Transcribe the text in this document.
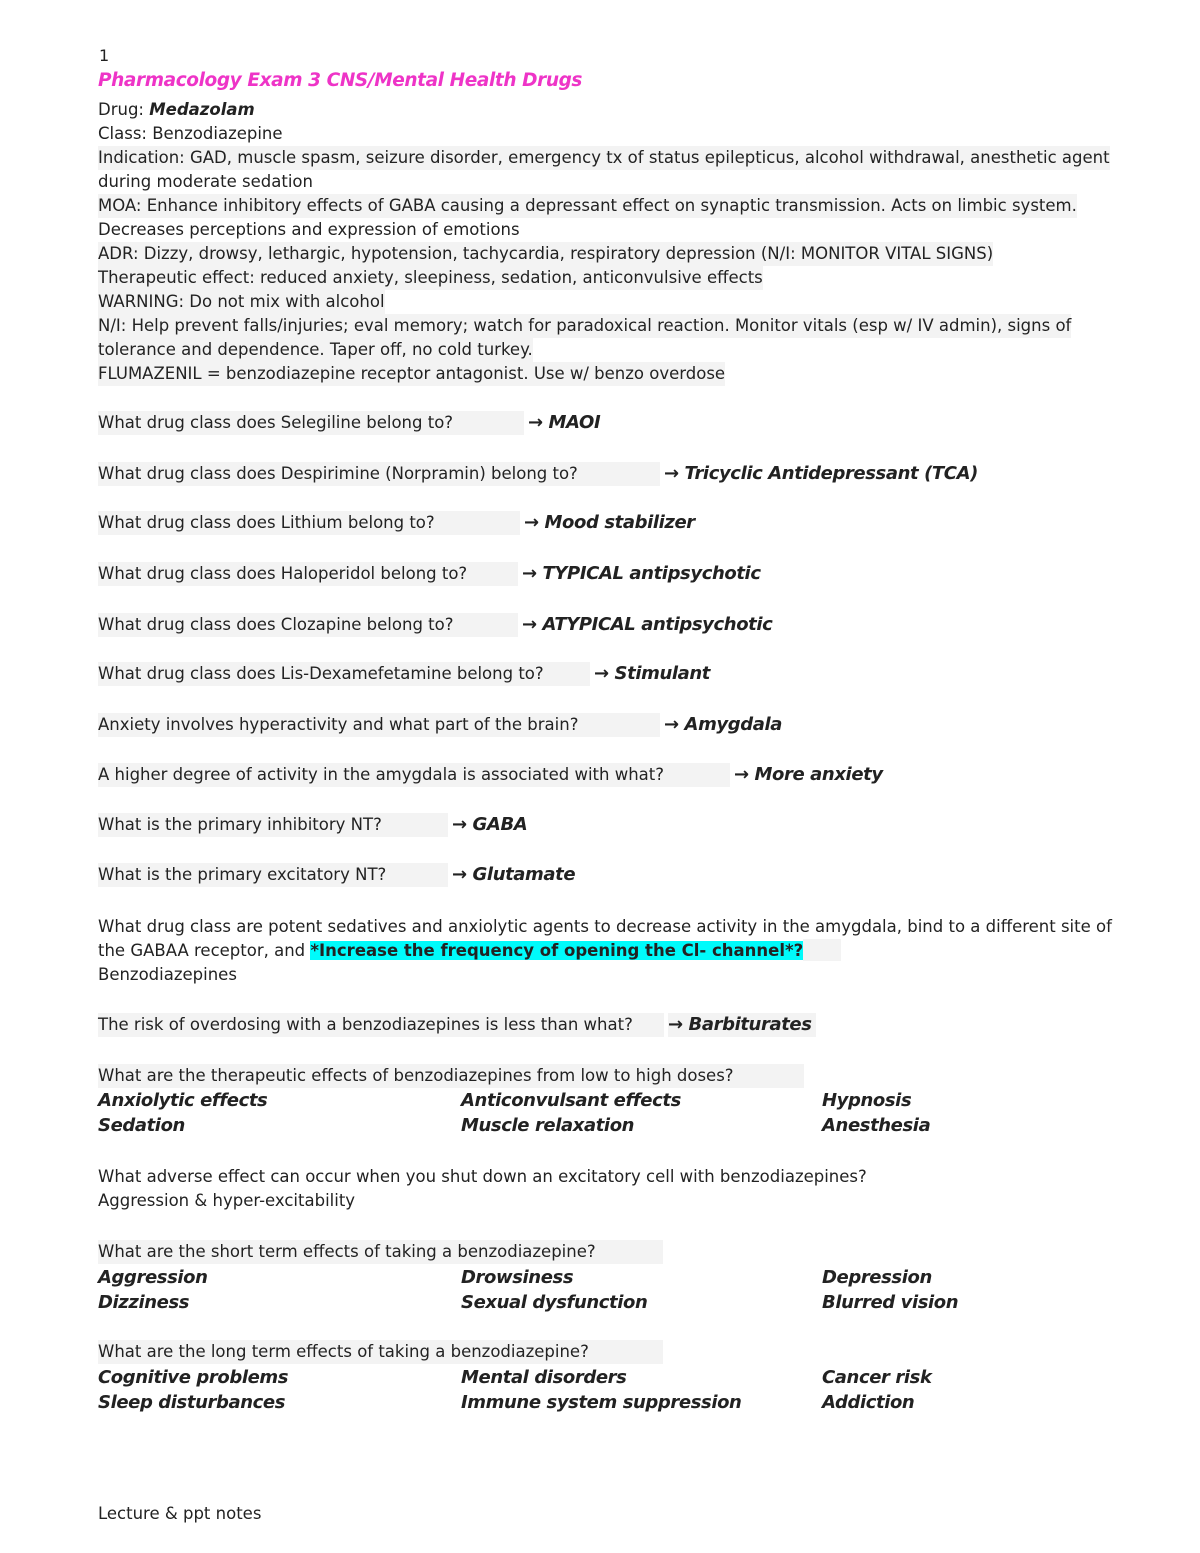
1
Pharmacology Exam 3 CNS/Mental Health Drugs
Drug: Medazolam
Class: Benzodiazepine
Indication: GAD, muscle spasm, seizure disorder, emergency tx of status epilepticus, alcohol withdrawal, anesthetic agent
during moderate sedation
MOA: Enhance inhibitory effects of GABA causing a depressant effect on synaptic transmission. Acts on limbic system.
Decreases perceptions and expression of emotions
ADR: Dizzy, drowsy, lethargic, hypotension, tachycardia, respiratory depression (N/I: MONITOR VITAL SIGNS)
Therapeutic effect: reduced anxiety, sleepiness, sedation, anticonvulsive effects
WARNING: Do not mix with alcohol
N/I: Help prevent falls/injuries; eval memory; watch for paradoxical reaction. Monitor vitals (esp w/ IV admin), signs of
tolerance and dependence. Taper off, no cold turkey.
FLUMAZENIL = benzodiazepine receptor antagonist. Use w/ benzo overdose
What drug class does Selegiline belong to?	→ MAOI
What drug class does Despirimine (Norpramin) belong to?	→ Tricyclic Antidepressant (TCA)
What drug class does Lithium belong to?	→ Mood stabilizer
What drug class does Haloperidol belong to?	→ TYPICAL antipsychotic
What drug class does Clozapine belong to?	→ ATYPICAL antipsychotic
What drug class does Lis-Dexamefetamine belong to?	→ Stimulant
Anxiety involves hyperactivity and what part of the brain?	→ Amygdala
A higher degree of activity in the amygdala is associated with what?	→ More anxiety
What is the primary inhibitory NT?	→ GABA
What is the primary excitatory NT?	→ Glutamate
What drug class are potent sedatives and anxiolytic agents to decrease activity in the amygdala, bind to a different site of
the GABAA receptor, and *Increase the frequency of opening the Cl- channel*?
Benzodiazepines
The risk of overdosing with a benzodiazepines is less than what?	→ Barbiturates
What are the therapeutic effects of benzodiazepines from low to high doses?
Anxiolytic effects	Anticonvulsant effects	Hypnosis
Sedation	Muscle relaxation	Anesthesia
What adverse effect can occur when you shut down an excitatory cell with benzodiazepines?
Aggression & hyper-excitability
What are the short term effects of taking a benzodiazepine?
Aggression	Drowsiness	Depression
Dizziness	Sexual dysfunction	Blurred vision
What are the long term effects of taking a benzodiazepine?
Cognitive problems	Mental disorders	Cancer risk
Sleep disturbances	Immune system suppression	Addiction
Lecture & ppt notes
